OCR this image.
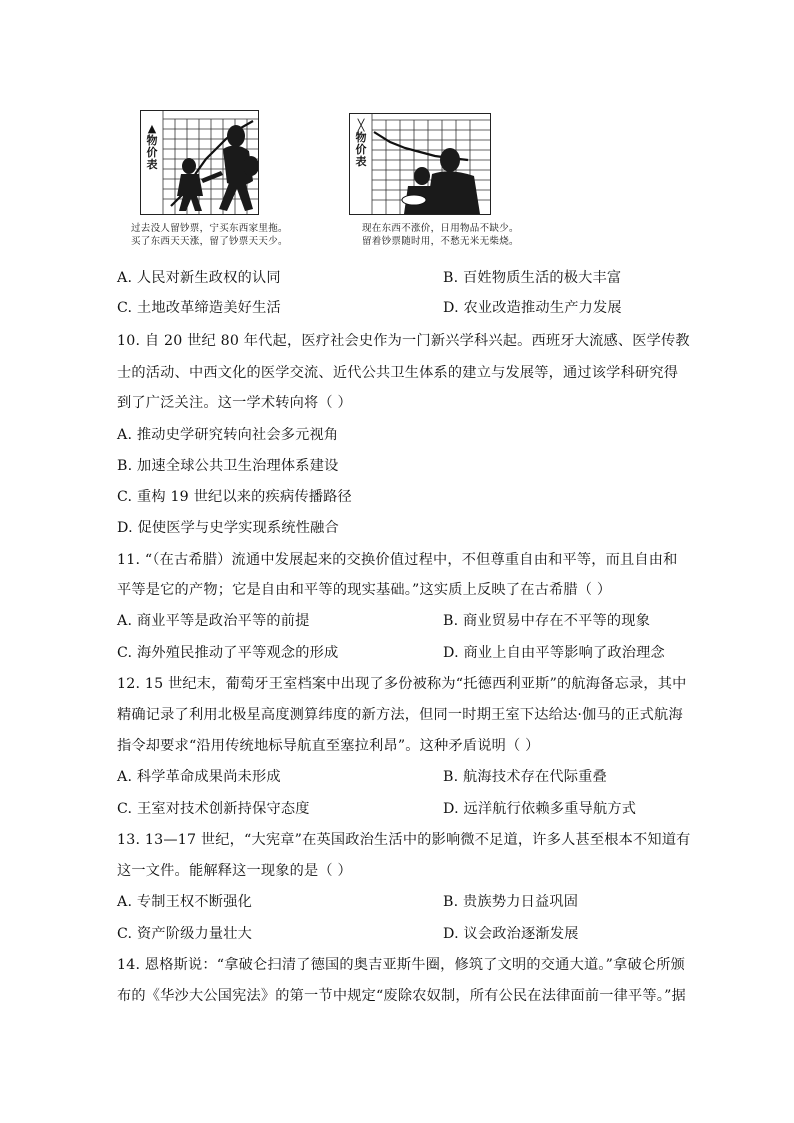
▲
物
价
表
过去没人留钞票，宁买东西家里拖。
买了东西天天涨，留了钞票天天少。
╳
物
价
表
现在东西不涨价，日用物品不缺少。
留着钞票随时用，不愁无米无柴烧。
A. 人民对新生政权的认同	B. 百姓物质生活的极大丰富
C. 土地改革缔造美好生活	D. 农业改造推动生产力发展
10. 自 20 世纪 80 年代起，医疗社会史作为一门新兴学科兴起。西班牙大流感、医学传教
士的活动、中西文化的医学交流、近代公共卫生体系的建立与发展等，通过该学科研究得
到了广泛关注。这一学术转向将（ ）
A. 推动史学研究转向社会多元视角
B. 加速全球公共卫生治理体系建设
C. 重构 19 世纪以来的疾病传播路径
D. 促使医学与史学实现系统性融合
11. “（在古希腊）流通中发展起来的交换价值过程中，不但尊重自由和平等，而且自由和
平等是它的产物；它是自由和平等的现实基础。”这实质上反映了在古希腊（ ）
A. 商业平等是政治平等的前提	B. 商业贸易中存在不平等的现象
C. 海外殖民推动了平等观念的形成	D. 商业上自由平等影响了政治理念
12. 15 世纪末，葡萄牙王室档案中出现了多份被称为“托德西利亚斯”的航海备忘录，其中
精确记录了利用北极星高度测算纬度的新方法，但同一时期王室下达给达·伽马的正式航海
指令却要求“沿用传统地标导航直至塞拉利昂”。这种矛盾说明（ ）
A. 科学革命成果尚未形成	B. 航海技术存在代际重叠
C. 王室对技术创新持保守态度	D. 远洋航行依赖多重导航方式
13. 13—17 世纪，“大宪章”在英国政治生活中的影响微不足道，许多人甚至根本不知道有
这一文件。能解释这一现象的是（ ）
A. 专制王权不断强化	B. 贵族势力日益巩固
C. 资产阶级力量壮大	D. 议会政治逐渐发展
14. 恩格斯说：“拿破仑扫清了德国的奥吉亚斯牛圈，修筑了文明的交通大道。”拿破仑所颁
布的《华沙大公国宪法》的第一节中规定“废除农奴制，所有公民在法律面前一律平等。”据
